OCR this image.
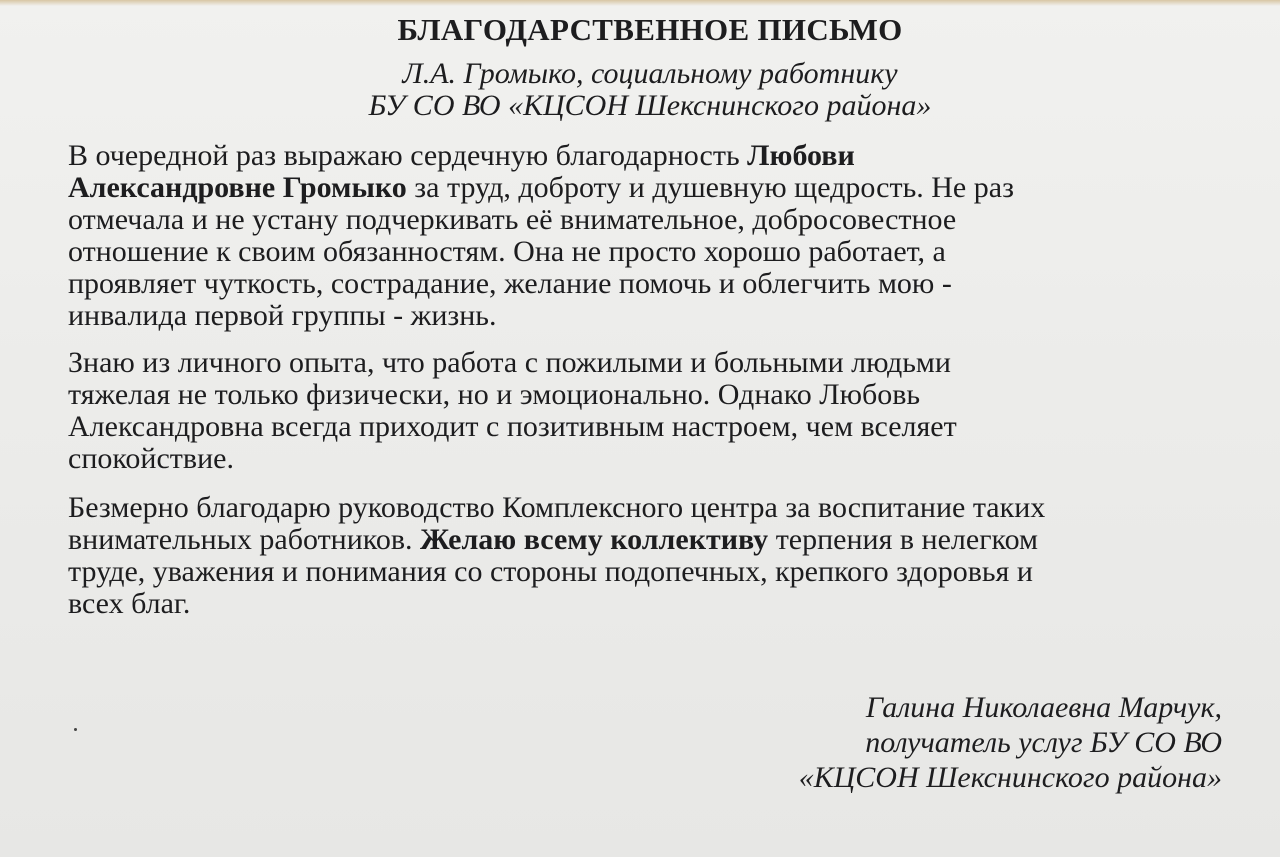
БЛАГОДАРСТВЕННОЕ ПИСЬМО
Л.А. Громыко, социальному работнику
БУ СО ВО «КЦСОН Шекснинского района»
В очередной раз выражаю сердечную благодарность Любови
Александровне Громыко за труд, доброту и душевную щедрость. Не раз
отмечала и не устану подчеркивать её внимательное, добросовестное
отношение к своим обязанностям. Она не просто хорошо работает, а
проявляет чуткость, сострадание, желание помочь и облегчить мою -
инвалида первой группы - жизнь.
Знаю из личного опыта, что работа с пожилыми и больными людьми
тяжелая не только физически, но и эмоционально. Однако Любовь
Александровна всегда приходит с позитивным настроем, чем вселяет
спокойствие.
Безмерно благодарю руководство Комплексного центра за воспитание таких
внимательных работников. Желаю всему коллективу терпения в нелегком
труде, уважения и понимания со стороны подопечных, крепкого здоровья и
всех благ.
Галина Николаевна Марчук,
получатель услуг БУ СО ВО
«КЦСОН Шекснинского района»
